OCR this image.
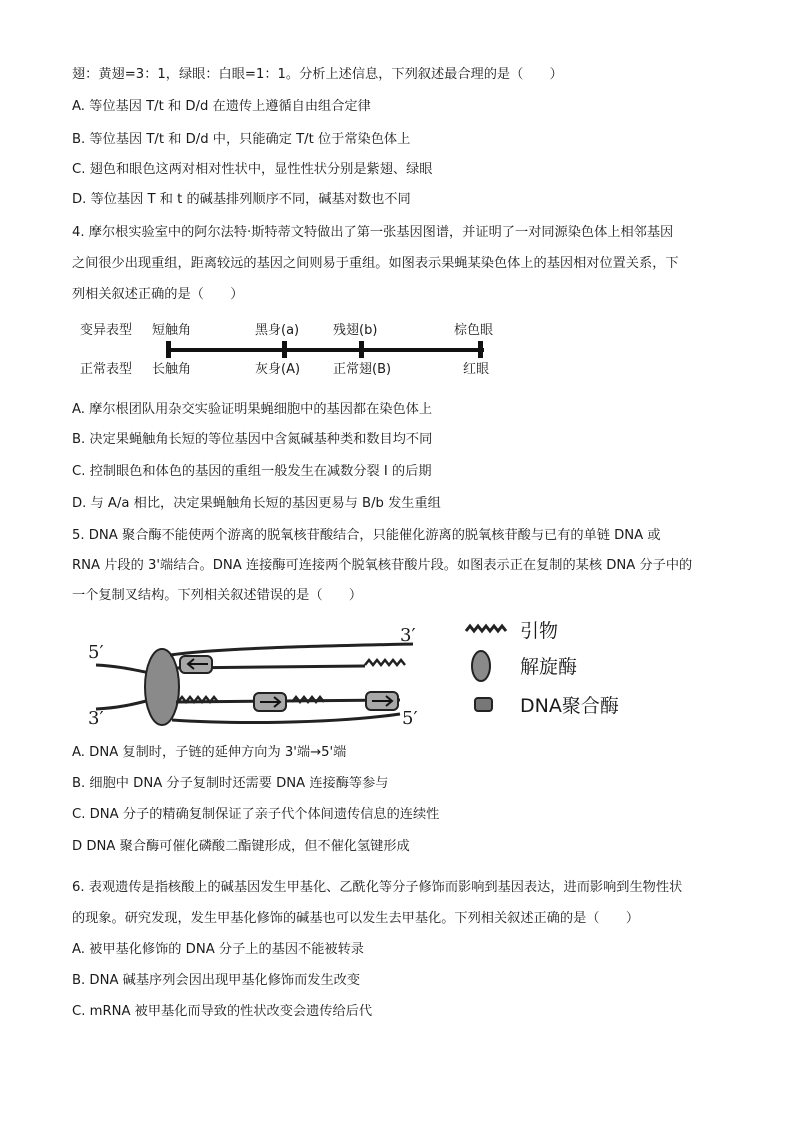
翅：黄翅=3：1，绿眼：白眼=1：1。分析上述信息，下列叙述最合理的是（　　）
A. 等位基因 T/t 和 D/d 在遗传上遵循自由组合定律
B. 等位基因 T/t 和 D/d 中，只能确定 T/t 位于常染色体上
C. 翅色和眼色这两对相对性状中，显性性状分别是紫翅、绿眼
D. 等位基因 T 和 t 的碱基排列顺序不同，碱基对数也不同
4. 摩尔根实验室中的阿尔法特·斯特蒂文特做出了第一张基因图谱，并证明了一对同源染色体上相邻基因
之间很少出现重组，距离较远的基因之间则易于重组。如图表示果蝇某染色体上的基因相对位置关系，下
列相关叙述正确的是（　　）
变异表型
正常表型
短触角
长触角
黑身(a)
灰身(A)
残翅(b)
正常翅(B)
棕色眼
红眼
A. 摩尔根团队用杂交实验证明果蝇细胞中的基因都在染色体上
B. 决定果蝇触角长短的等位基因中含氮碱基种类和数目均不同
C. 控制眼色和体色的基因的重组一般发生在减数分裂 Ⅰ 的后期
D. 与 A/a 相比，决定果蝇触角长短的基因更易与 B/b 发生重组
5. DNA 聚合酶不能使两个游离的脱氧核苷酸结合，只能催化游离的脱氧核苷酸与已有的单链 DNA 或
RNA 片段的 3'端结合。DNA 连接酶可连接两个脱氧核苷酸片段。如图表示正在复制的某核 DNA 分子中的
一个复制叉结构。下列相关叙述错误的是（　　）
5′
3′
3′	5′
引物
解旋酶
DNA聚合酶
A. DNA 复制时，子链的延伸方向为 3'端→5'端
B. 细胞中 DNA 分子复制时还需要 DNA 连接酶等参与
C. DNA 分子的精确复制保证了亲子代个体间遗传信息的连续性
D DNA 聚合酶可催化磷酸二酯键形成，但不催化氢键形成
6. 表观遗传是指核酸上的碱基因发生甲基化、乙酰化等分子修饰而影响到基因表达，进而影响到生物性状
的现象。研究发现，发生甲基化修饰的碱基也可以发生去甲基化。下列相关叙述正确的是（　　）
A. 被甲基化修饰的 DNA 分子上的基因不能被转录
B. DNA 碱基序列会因出现甲基化修饰而发生改变
C. mRNA 被甲基化而导致的性状改变会遗传给后代
